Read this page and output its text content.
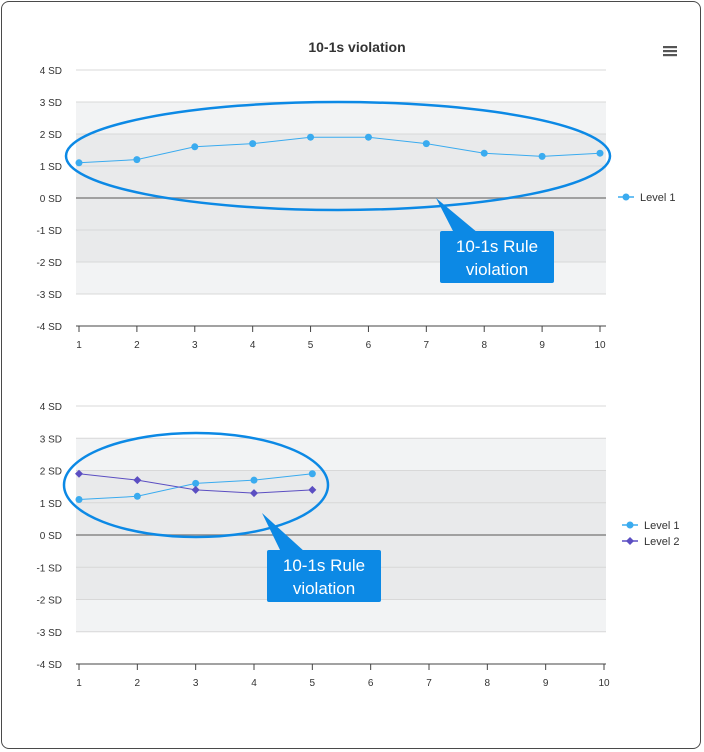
10-1s violation
4 SD
3 SD
2 SD
1 SD
0 SD
-1 SD
-2 SD
-3 SD
-4 SD
1	2	3	4	5	6	7	8	9	10
Level 1
10-1s Rule
violation
4 SD
3 SD
2 SD
1 SD
0 SD
-1 SD
-2 SD
-3 SD
-4 SD
1	2	3	4	5	6	7	8	9	10
Level 1
Level 2
10-1s Rule
violation
